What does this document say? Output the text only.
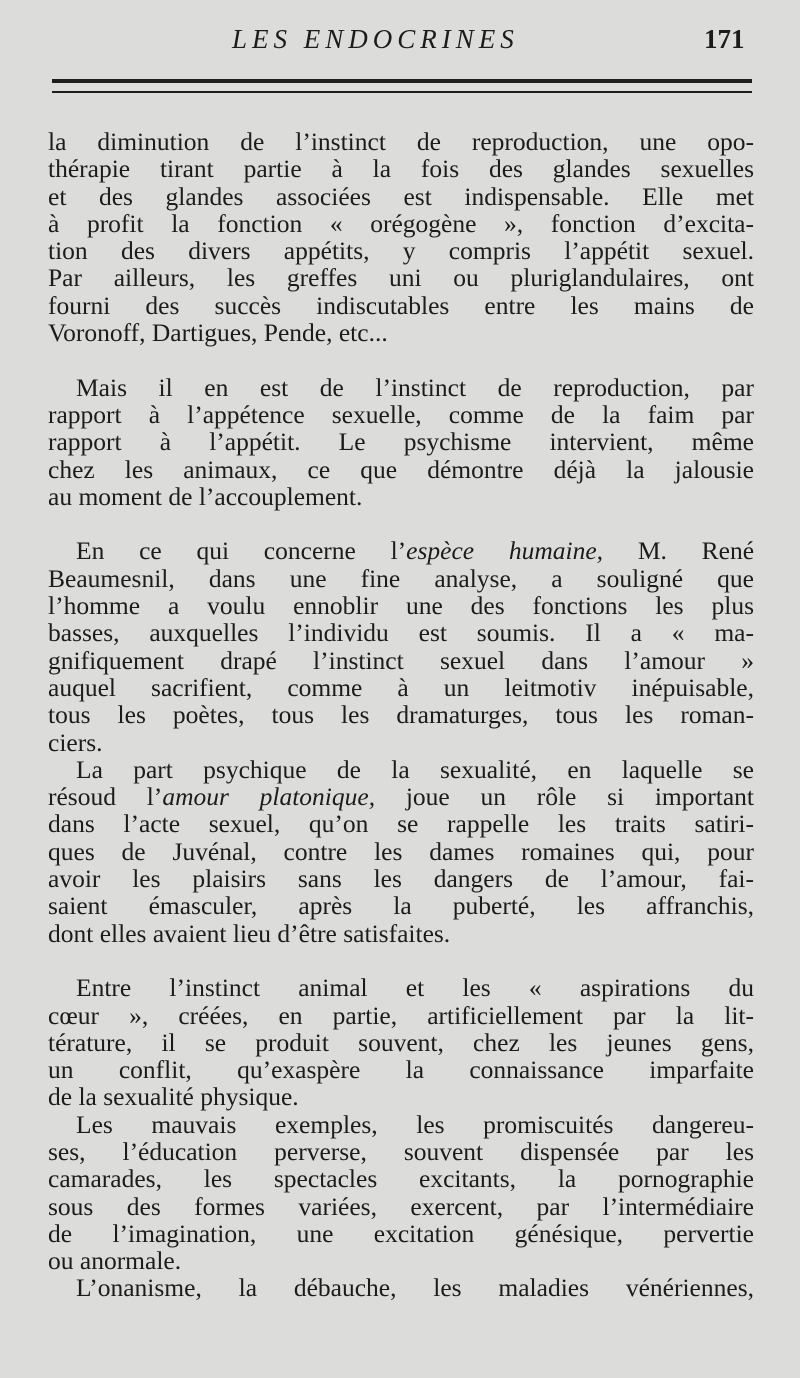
LES ENDOCRINES	171
la diminution de l’instinct de reproduction, une opo-
thérapie tirant partie à la fois des glandes sexuelles
et des glandes associées est indispensable. Elle met
à profit la fonction « orégogène », fonction d’excita-
tion des divers appétits, y compris l’appétit sexuel.
Par ailleurs, les greffes uni ou pluriglandulaires, ont
fourni des succès indiscutables entre les mains de
Voronoff, Dartigues, Pende, etc...
Mais il en est de l’instinct de reproduction, par
rapport à l’appétence sexuelle, comme de la faim par
rapport à l’appétit. Le psychisme intervient, même
chez les animaux, ce que démontre déjà la jalousie
au moment de l’accouplement.
En ce qui concerne l’espèce humaine, M. René
Beaumesnil, dans une fine analyse, a souligné que
l’homme a voulu ennoblir une des fonctions les plus
basses, auxquelles l’individu est soumis. Il a « ma-
gnifiquement drapé l’instinct sexuel dans l’amour »
auquel sacrifient, comme à un leitmotiv inépuisable,
tous les poètes, tous les dramaturges, tous les roman-
ciers.
La part psychique de la sexualité, en laquelle se
résoud l’amour platonique, joue un rôle si important
dans l’acte sexuel, qu’on se rappelle les traits satiri-
ques de Juvénal, contre les dames romaines qui, pour
avoir les plaisirs sans les dangers de l’amour, fai-
saient émasculer, après la puberté, les affranchis,
dont elles avaient lieu d’être satisfaites.
Entre l’instinct animal et les « aspirations du
cœur », créées, en partie, artificiellement par la lit-
térature, il se produit souvent, chez les jeunes gens,
un conflit, qu’exaspère la connaissance imparfaite
de la sexualité physique.
Les mauvais exemples, les promiscuités dangereu-
ses, l’éducation perverse, souvent dispensée par les
camarades, les spectacles excitants, la pornographie
sous des formes variées, exercent, par l’intermédiaire
de l’imagination, une excitation génésique, pervertie
ou anormale.
L’onanisme, la débauche, les maladies vénériennes,
